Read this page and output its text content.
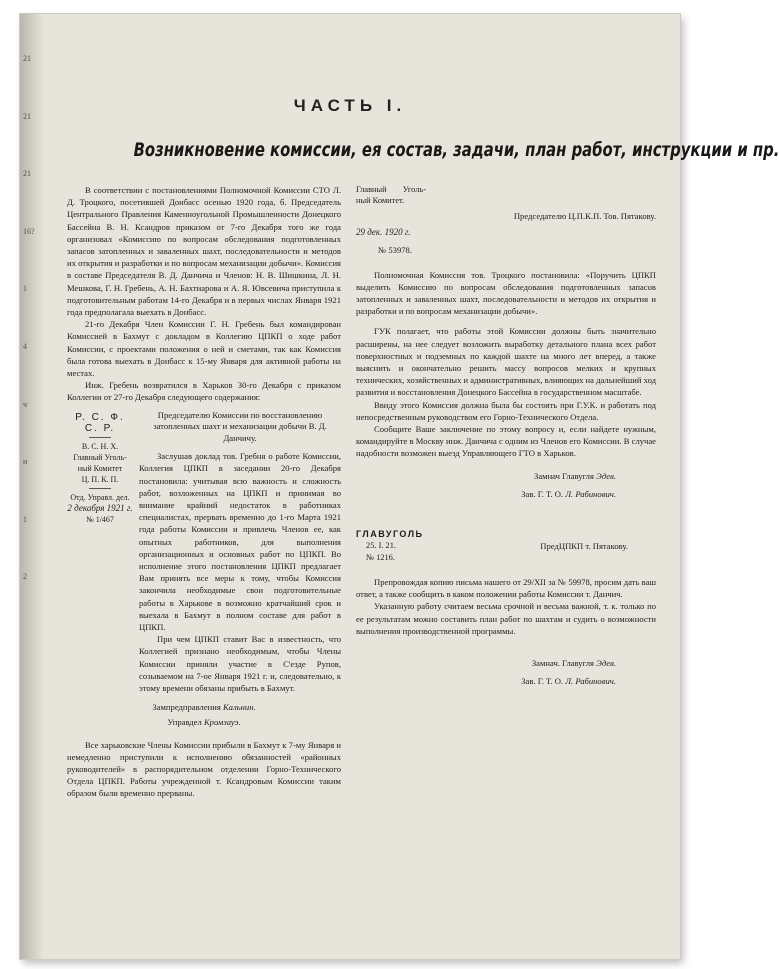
21
21
21
16?
1
4
ч
и
1
2
ЧАСТЬ I.
Возникновение комиссии, ея состав, задачи, план работ, инструкции и пр.

В соответствии с постановлениями Полномочной Комиссии СТО Л. Д. Троцкого, посетившей Донбасс осенью 1920 года, б. Председатель Центрального Правления Каменноугольной Промышленности Донецкого Бассейна В. Н. Ксандров приказом от 7-го Декабря того же года организовал «Комиссию по вопросам обследования подготовленных запасов затопленных и заваленных шахт, последовательности и методов их открытия и разработки и по вопросам механизации добычи». Комиссия в составе Председателя В. Д. Данчича и Членов: Н. В. Шишкина, Л. Н. Мешкова, Г. Н. Гребень, А. Н. Бахтиарова и А. Я. Ювсевича приступила к подготовительным работам 14-го Декабря и в первых числах Января 1921 года предполагала выехать в Донбасс.

21-го Декабря Член Комиссии Г. Н. Гребень был командирован Комиссией в Бахмут с докладом в Коллегию ЦПКП о ходе работ Комиссии, с проектами положения о ней и сметами, так как Комиссия была готова выехать в Донбасс к 15-му Января для активной работы на местах.

Инж. Гребень возвратился в Харьков 30-го Декабря с приказом Коллегии от 27-го Декабря следующего содержания:

Р. С. Ф. С. Р.
В. С. Н. Х.
Главный Уголь-ный Комитет
Ц. П. К. П.
Отд. Управл. дел.
2 декабря 1921 г.
№ 1/467
Председателю Комиссии по восстановлению затопленных шахт и механизации добычи В. Д. Данчичу.

Заслушав доклад тов. Гребня о работе Комиссии, Коллегия ЦПКП в заседании 20-го Декабря постановила: учитывая всю важность и сложность работ, возложенных на ЦПКП и принимая во внимание крайний недостаток в работниках специалистах, прервать временно до 1-го Марта 1921 года работы Комиссии и привлечь Членов ее, как опытных работников, для выполнения организационных и основных работ по ЦПКП. Во исполнение этого постановления ЦПКП предлагает Вам принять все меры к тому, чтобы Комиссия закончила необходимые свои подготовительные работы в Харькове в возможно кратчайший срок и выехала в Бахмут в полном составе для работ в ЦПКП.

При чем ЦПКП ставит Вас в известность, что Коллегией признано необходимым, чтобы Члены Комиссии приняли участие в С'езде Рупов, созываемом на 7-ое Января 1921 г. и, следовательно, к этому времени обязаны прибыть в Бахмут.

Зампредправления Кальнин.
Управдел Кромзауэ.

Все харьковские Члены Комиссии прибыли в Бахмут к 7-му Января и немедленно приступили к исполнению обязанностей «районных руководителей» в распорядительном отделении Горно-Технического Отдела ЦПКП. Работы учрежденной т. Ксандровым Комиссии таким образом были временно прерваны.

Главный Уголь-ный Комитет.
Председателю Ц.П.К.П. Тов. Пятакову.
29 дек. 1920 г.
№ 53978.

Полномочная Комиссия тов. Троцкого постановила: «Поручить ЦПКП выделить Комиссию по вопросам обследования подготовленных запасов затопленных и заваленных шахт, последовательности и методов их открытия и разработки и по вопросам механизации добычи».

ГУК полагает, что работы этой Комиссии должны быть значительно расширены, на нее следует возложить выработку детального плана всех работ поверхностных и подземных по каждой шахте на много лет вперед, а также выяснить и окончательно решить массу вопросов мелких и крупных технических, хозяйственных и административных, влияющих на дальнейший ход развития и восстановления Донецкого Бассейна в государственном масштабе.

Ввиду этого Комиссия должна была бы состоять при Г.У.К. и работать под непосредственным руководством его Горно-Технического Отдела.

Сообщите Ваше заключение по этому вопросу и, если найдете нужным, командируйте в Москву инж. Данчича с одним из Членов его Комиссии. В случае надобности возможен выезд Управляющего ГТО в Харьков.

Замнач Главугля Эдев.
Зав. Г. Т. О. Л. Рабинович.
ГЛАВУГОЛЬ
25. I. 21.
№ 1216.
ПредЦПКП т. Пятакову.

Препровождая копию письма нашего от 29/XII за № 59978, просим дать ваш ответ, а также сообщить в каком положении работы Комиссии т. Данчич.

Указанную работу считаем весьма срочной и весьма важной, т. к. только по ее результатам можно составить план работ по шахтам и судить о возможности выполнения производственной программы.

Замнач. Главугля Эдев.
Зав. Г. Т. О. Л. Рабинович.
